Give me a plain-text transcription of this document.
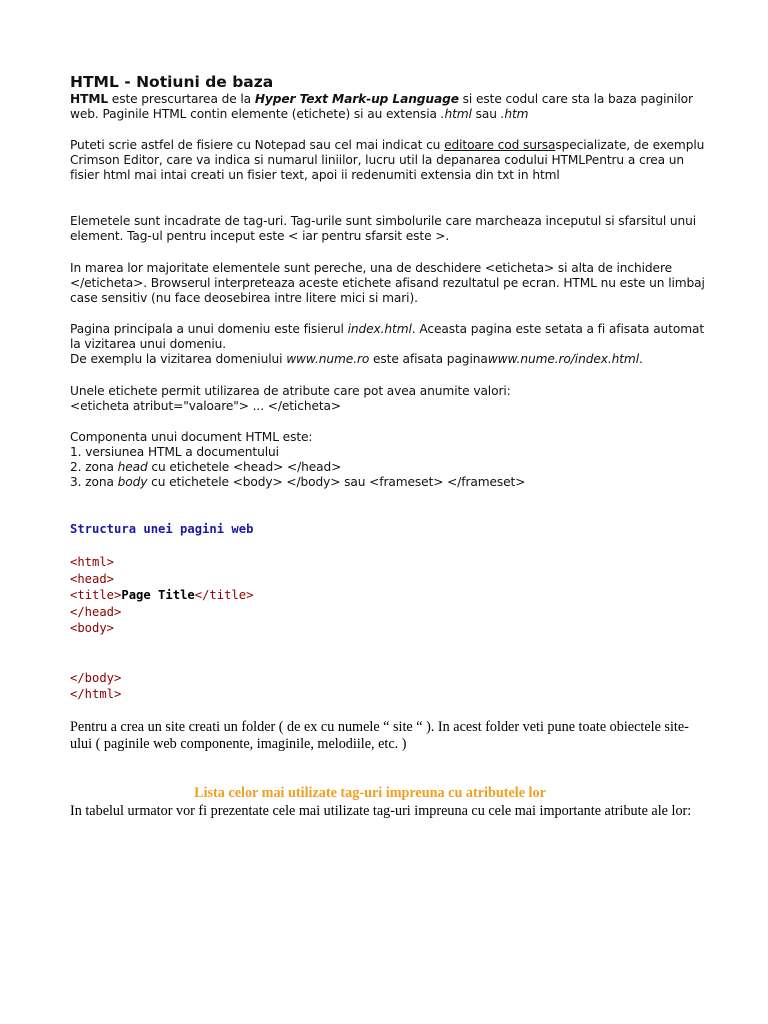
HTML - Notiuni de baza

HTML este prescurtarea de la Hyper Text Mark-up Language si este codul care sta la baza paginilor web. Paginile HTML contin elemente (etichete) si au extensia .html sau .htm

Puteti scrie astfel de fisiere cu Notepad sau cel mai indicat cu editoare cod sursaspecializate, de exemplu Crimson Editor, care va indica si numarul liniilor, lucru util la depanarea codului HTMLPentru a crea un fisier html mai intai creati un fisier text, apoi ii redenumiti extensia din txt in html

Elemetele sunt incadrate de tag-uri. Tag-urile sunt simbolurile care marcheaza inceputul si sfarsitul unui element. Tag-ul pentru inceput este < iar pentru sfarsit este >.

In marea lor majoritate elementele sunt pereche, una de deschidere <eticheta> si alta de inchidere </eticheta>. Browserul interpreteaza aceste etichete afisand rezultatul pe ecran. HTML nu este un limbaj case sensitiv (nu face deosebirea intre litere mici si mari).

Pagina principala a unui domeniu este fisierul index.html. Aceasta pagina este setata a fi afisata automat la vizitarea unui domeniu.

De exemplu la vizitarea domeniului www.nume.ro este afisata paginawww.nume.ro/index.html.

Unele etichete permit utilizarea de atribute care pot avea anumite valori:

<eticheta atribut="valoare"> ... </eticheta>

Componenta unui document HTML este:

1. versiunea HTML a documentului

2. zona head cu etichetele <head> </head>

3. zona body cu etichetele <body> </body> sau <frameset> </frameset>

Structura unei pagini web
<html>
<head>
<title>Page Title</title>
</head>
<body>
</body>
</html>

Pentru a crea un site creati un folder ( de ex cu numele “ site “ ). In acest folder veti pune toate obiectele site-ului ( paginile web componente, imaginile, melodiile, etc. )

Lista celor mai utilizate tag-uri impreuna cu atributele lor

In tabelul urmator vor fi prezentate cele mai utilizate tag-uri impreuna cu cele mai importante atribute ale lor:
